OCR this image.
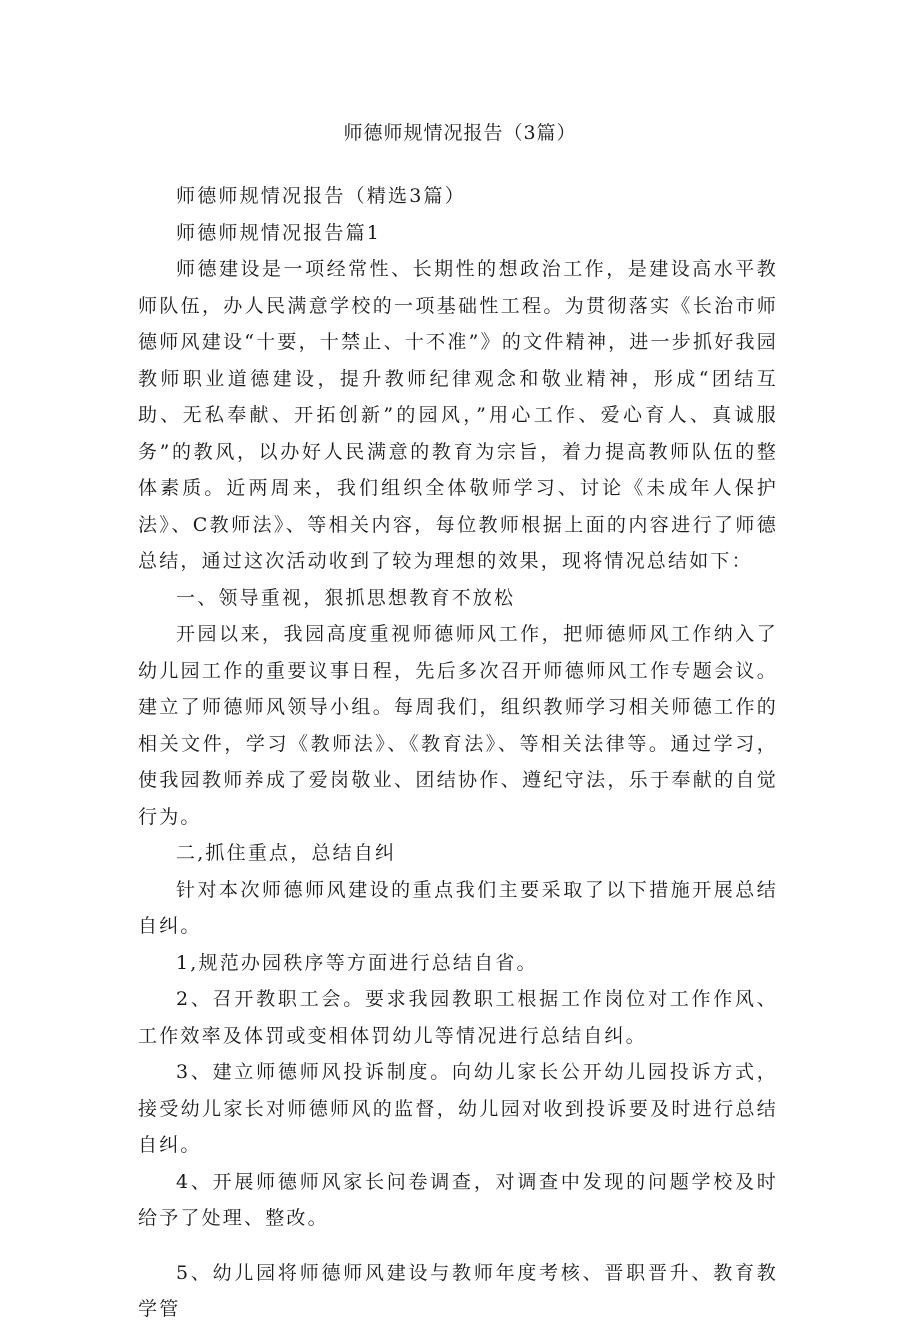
师德师规情况报告（3篇）

师德师规情况报告（精选3篇）

师德师规情况报告篇1

师德建设是一项经常性、长期性的想政治工作，是建设高水平教师队伍，办人民满意学校的一项基础性工程。为贯彻落实《长治市师德师风建设“十要，十禁止、十不准”》的文件精神，进一步抓好我园教师职业道德建设，提升教师纪律观念和敬业精神，形成“团结互助、无私奉献、开拓创新”的园风，”用心工作、爱心育人、真诚服务”的教风，以办好人民满意的教育为宗旨，着力提高教师队伍的整体素质。近两周来，我们组织全体敬师学习、讨论《未成年人保护法》、C教师法》、等相关内容，每位教师根据上面的内容进行了师德总结，通过这次活动收到了较为理想的效果，现将情况总结如下：

一、领导重视，狠抓思想教育不放松

开园以来，我园高度重视师德师风工作，把师德师风工作纳入了幼儿园工作的重要议事日程，先后多次召开师德师风工作专题会议。建立了师德师风领导小组。每周我们，组织教师学习相关师德工作的相关文件，学习《教师法》、《教育法》、等相关法律等。通过学习，使我园教师养成了爱岗敬业、团结协作、遵纪守法，乐于奉献的自觉行为。

二,抓住重点，总结自纠

针对本次师德师风建设的重点我们主要采取了以下措施开展总结自纠。

1,规范办园秩序等方面进行总结自省。

2、召开教职工会。要求我园教职工根据工作岗位对工作作风、工作效率及体罚或变相体罚幼儿等情况进行总结自纠。

3、建立师德师风投诉制度。向幼儿家长公开幼儿园投诉方式，接受幼儿家长对师德师风的监督，幼儿园对收到投诉要及时进行总结自纠。

4、开展师德师风家长问卷调查，对调查中发现的问题学校及时给予了处理、整改。

5、幼儿园将师德师风建设与教师年度考核、晋职晋升、教育教学管
